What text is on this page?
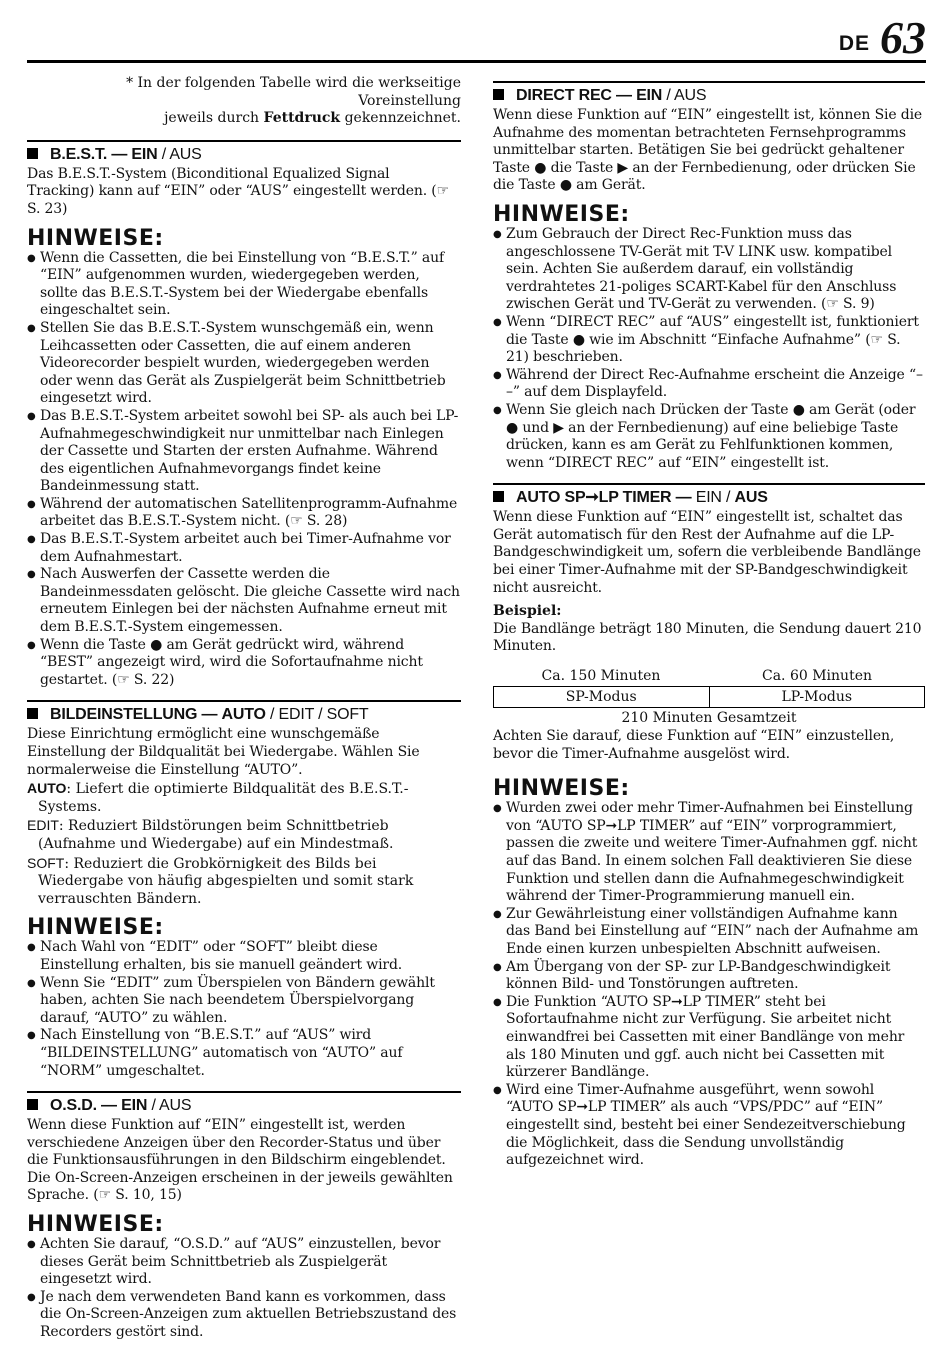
DE 63
* In der folgenden Tabelle wird die werkseitige Voreinstellung
jeweils durch Fettdruck gekennzeichnet.
B.E.S.T. — EIN / AUS

Das B.E.S.T.-System (Biconditional Equalized Signal Tracking) kann auf “EIN” oder “AUS” eingestellt werden. (☞ S. 23)

HINWEISE:
● Wenn die Cassetten, die bei Einstellung von “B.E.S.T.” auf “EIN” aufgenommen wurden, wiedergegeben werden, sollte das B.E.S.T.-System bei der Wiedergabe ebenfalls eingeschaltet sein.
● Stellen Sie das B.E.S.T.-System wunschgemäß ein, wenn Leihcassetten oder Cassetten, die auf einem anderen Videorecorder bespielt wurden, wiedergegeben werden oder wenn das Gerät als Zuspielgerät beim Schnittbetrieb eingesetzt wird.
● Das B.E.S.T.-System arbeitet sowohl bei SP- als auch bei LP-Aufnahmegeschwindigkeit nur unmittelbar nach Einlegen der Cassette und Starten der ersten Aufnahme. Während des eigentlichen Aufnahmevorgangs findet keine Bandeinmessung statt.
● Während der automatischen Satellitenprogramm-Aufnahme arbeitet das B.E.S.T.-System nicht. (☞ S. 28)
● Das B.E.S.T.-System arbeitet auch bei Timer-Aufnahme vor dem Aufnahmestart.
● Nach Auswerfen der Cassette werden die Bandeinmessdaten gelöscht. Die gleiche Cassette wird nach erneutem Einlegen bei der nächsten Aufnahme erneut mit dem B.E.S.T.-System eingemessen.
● Wenn die Taste ● am Gerät gedrückt wird, während “BEST” angezeigt wird, wird die Sofortaufnahme nicht gestartet. (☞ S. 22)
BILDEINSTELLUNG — AUTO / EDIT / SOFT

Diese Einrichtung ermöglicht eine wunschgemäße Einstellung der Bildqualität bei Wiedergabe. Wählen Sie normalerweise die Einstellung “AUTO”.

AUTO: Liefert die optimierte Bildqualität des B.E.S.T.-Systems.
EDIT: Reduziert Bildstörungen beim Schnittbetrieb (Aufnahme und Wiedergabe) auf ein Mindestmaß.
SOFT: Reduziert die Grobkörnigkeit des Bilds bei Wiedergabe von häufig abgespielten und somit stark verrauschten Bändern.
HINWEISE:
● Nach Wahl von “EDIT” oder “SOFT” bleibt diese Einstellung erhalten, bis sie manuell geändert wird.
● Wenn Sie “EDIT” zum Überspielen von Bändern gewählt haben, achten Sie nach beendetem Überspielvorgang darauf, “AUTO” zu wählen.
● Nach Einstellung von “B.E.S.T.” auf “AUS” wird “BILDEINSTELLUNG” automatisch von “AUTO” auf “NORM” umgeschaltet.
O.S.D. — EIN / AUS

Wenn diese Funktion auf “EIN” eingestellt ist, werden verschiedene Anzeigen über den Recorder-Status und über die Funktionsausführungen in den Bildschirm eingeblendet. Die On-Screen-Anzeigen erscheinen in der jeweils gewählten Sprache. (☞ S. 10, 15)

HINWEISE:
● Achten Sie darauf, “O.S.D.” auf “AUS” einzustellen, bevor dieses Gerät beim Schnittbetrieb als Zuspielgerät eingesetzt wird.
● Je nach dem verwendeten Band kann es vorkommen, dass die On-Screen-Anzeigen zum aktuellen Betriebszustand des Recorders gestört sind.
DIRECT REC — EIN / AUS

Wenn diese Funktion auf “EIN” eingestellt ist, können Sie die Aufnahme des momentan betrachteten Fernsehprogramms unmittelbar starten. Betätigen Sie bei gedrückt gehaltener Taste ● die Taste ▶ an der Fernbedienung, oder drücken Sie die Taste ● am Gerät.

HINWEISE:
● Zum Gebrauch der Direct Rec-Funktion muss das angeschlossene TV-Gerät mit T-V LINK usw. kompatibel sein. Achten Sie außerdem darauf, ein vollständig verdrahtetes 21-poliges SCART-Kabel für den Anschluss zwischen Gerät und TV-Gerät zu verwenden. (☞ S. 9)
● Wenn “DIRECT REC” auf “AUS” eingestellt ist, funktioniert die Taste ● wie im Abschnitt “Einfache Aufnahme” (☞ S. 21) beschrieben.
● Während der Direct Rec-Aufnahme erscheint die Anzeige “– –” auf dem Displayfeld.
● Wenn Sie gleich nach Drücken der Taste ● am Gerät (oder ● und ▶ an der Fernbedienung) auf eine beliebige Taste drücken, kann es am Gerät zu Fehlfunktionen kommen, wenn “DIRECT REC” auf “EIN” eingestellt ist.
AUTO SP➞LP TIMER — EIN / AUS

Wenn diese Funktion auf “EIN” eingestellt ist, schaltet das Gerät automatisch für den Rest der Aufnahme auf die LP-Bandgeschwindigkeit um, sofern die verbleibende Bandlänge bei einer Timer-Aufnahme mit der SP-Bandgeschwindigkeit nicht ausreicht.

Beispiel:

Die Bandlänge beträgt 180 Minuten, die Sendung dauert 210 Minuten.

Ca. 150 Minuten	Ca. 60 Minuten
SP-Modus	LP-Modus
210 Minuten Gesamtzeit

Achten Sie darauf, diese Funktion auf “EIN” einzustellen, bevor die Timer-Aufnahme ausgelöst wird.

HINWEISE:
● Wurden zwei oder mehr Timer-Aufnahmen bei Einstellung von “AUTO SP➞LP TIMER” auf “EIN” vorprogrammiert, passen die zweite und weitere Timer-Aufnahmen ggf. nicht auf das Band. In einem solchen Fall deaktivieren Sie diese Funktion und stellen dann die Aufnahmegeschwindigkeit während der Timer-Programmierung manuell ein.
● Zur Gewährleistung einer vollständigen Aufnahme kann das Band bei Einstellung auf “EIN” nach der Aufnahme am Ende einen kurzen unbespielten Abschnitt aufweisen.
● Am Übergang von der SP- zur LP-Bandgeschwindigkeit können Bild- und Tonstörungen auftreten.
● Die Funktion “AUTO SP➞LP TIMER” steht bei Sofortaufnahme nicht zur Verfügung. Sie arbeitet nicht einwandfrei bei Cassetten mit einer Bandlänge von mehr als 180 Minuten und ggf. auch nicht bei Cassetten mit kürzerer Bandlänge.
● Wird eine Timer-Aufnahme ausgeführt, wenn sowohl “AUTO SP➞LP TIMER” als auch “VPS/PDC” auf “EIN” eingestellt sind, besteht bei einer Sendezeitverschiebung die Möglichkeit, dass die Sendung unvollständig aufgezeichnet wird.
